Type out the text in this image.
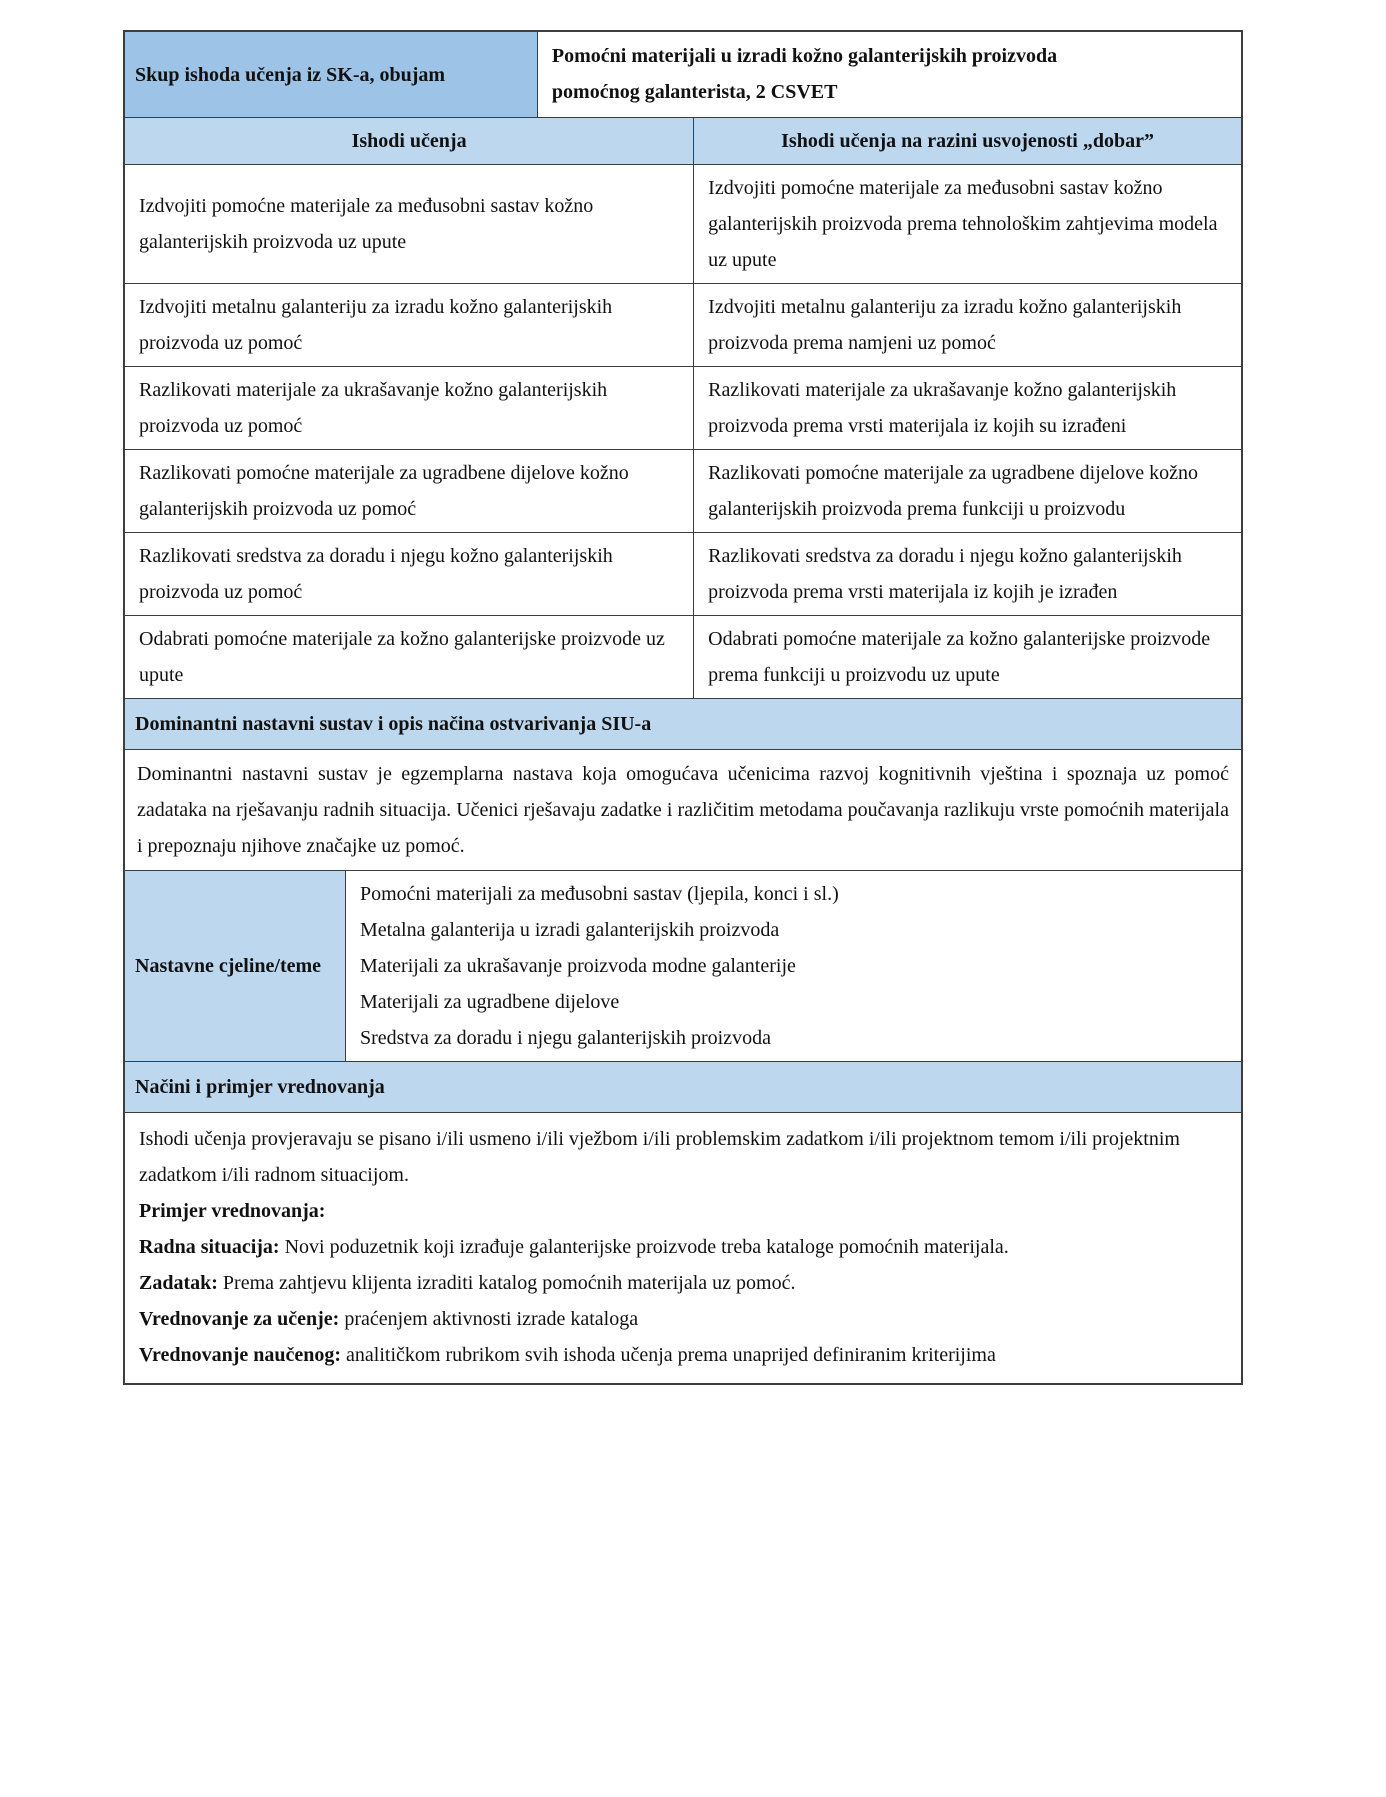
Skup ishoda učenja iz SK-a, obujam
Pomoćni materijali u izradi kožno galanterijskih proizvoda
pomoćnog galanterista, 2 CSVET
Ishodi učenja	Ishodi učenja na razini usvojenosti „dobar”
Izdvojiti pomoćne materijale za međusobni sastav kožno galanterijskih proizvoda uz upute
Izdvojiti pomoćne materijale za međusobni sastav kožno galanterijskih proizvoda prema tehnološkim zahtjevima modela uz upute
Izdvojiti metalnu galanteriju za izradu kožno galanterijskih proizvoda uz pomoć
Izdvojiti metalnu galanteriju za izradu kožno galanterijskih proizvoda prema namjeni uz pomoć
Razlikovati materijale za ukrašavanje kožno galanterijskih proizvoda uz pomoć
Razlikovati materijale za ukrašavanje kožno galanterijskih proizvoda prema vrsti materijala iz kojih su izrađeni
Razlikovati pomoćne materijale za ugradbene dijelove kožno galanterijskih proizvoda uz pomoć
Razlikovati pomoćne materijale za ugradbene dijelove kožno galanterijskih proizvoda prema funkciji u proizvodu
Razlikovati sredstva za doradu i njegu kožno galanterijskih proizvoda uz pomoć
Razlikovati sredstva za doradu i njegu kožno galanterijskih proizvoda prema vrsti materijala iz kojih je izrađen
Odabrati pomoćne materijale za kožno galanterijske proizvode uz upute
Odabrati pomoćne materijale za kožno galanterijske proizvode prema funkciji u proizvodu uz upute
Dominantni nastavni sustav i opis načina ostvarivanja SIU-a
Dominantni nastavni sustav je egzemplarna nastava koja omogućava učenicima razvoj kognitivnih vještina i spoznaja uz pomoć zadataka na rješavanju radnih situacija. Učenici rješavaju zadatke i različitim metodama poučavanja razlikuju vrste pomoćnih materijala i prepoznaju njihove značajke uz pomoć.
Nastavne cjeline/teme

Pomoćni materijali za međusobni sastav (ljepila, konci i sl.)

Metalna galanterija u izradi galanterijskih proizvoda

Materijali za ukrašavanje proizvoda modne galanterije

Materijali za ugradbene dijelove

Sredstva za doradu i njegu galanterijskih proizvoda

Načini i primjer vrednovanja

Ishodi učenja provjeravaju se pisano i/ili usmeno i/ili vježbom i/ili problemskim zadatkom i/ili projektnom temom i/ili projektnim zadatkom i/ili radnom situacijom.

Primjer vrednovanja:

Radna situacija: Novi poduzetnik koji izrađuje galanterijske proizvode treba kataloge pomoćnih materijala.

Zadatak: Prema zahtjevu klijenta izraditi katalog pomoćnih materijala uz pomoć.

Vrednovanje za učenje: praćenjem aktivnosti izrade kataloga

Vrednovanje naučenog: analitičkom rubrikom svih ishoda učenja prema unaprijed definiranim kriterijima
